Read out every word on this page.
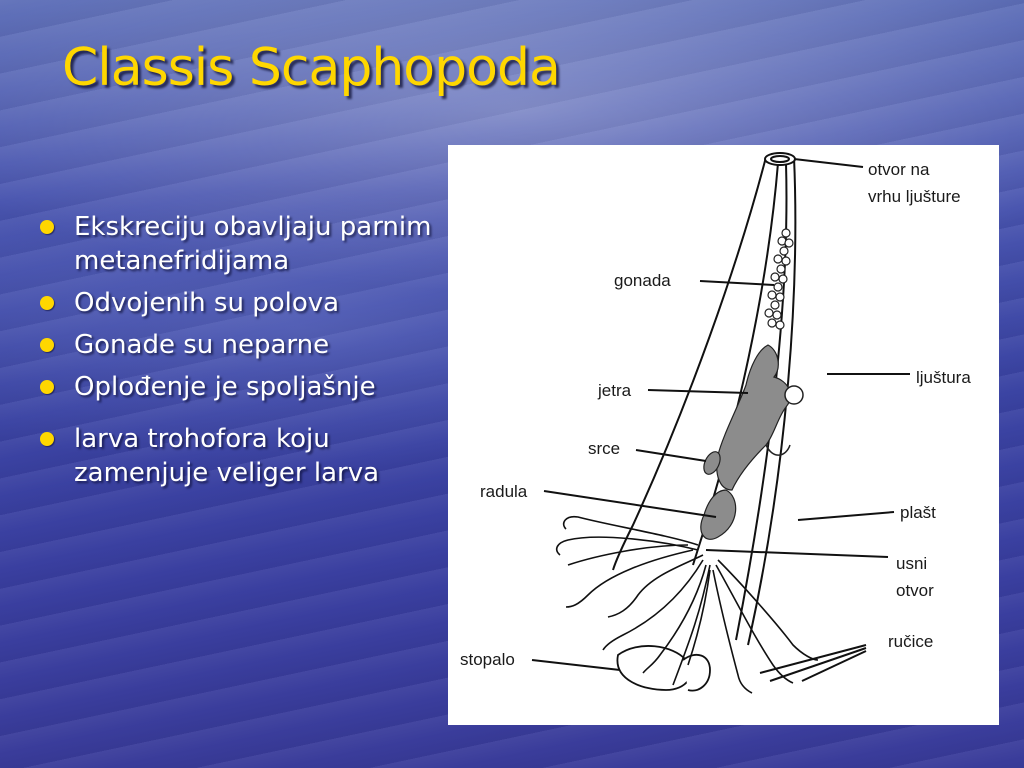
Classis Scaphopoda
Ekskreciju obavljaju parnim metanefridijama
Odvojenih su polova
Gonade su neparne
Oplođenje je spoljašnje
larva trohofora koju zamenjuje veliger larva
otvor na
vrhu ljušture
gonada
ljuštura
jetra
srce
radula
plašt
usni
otvor
ručice
stopalo
